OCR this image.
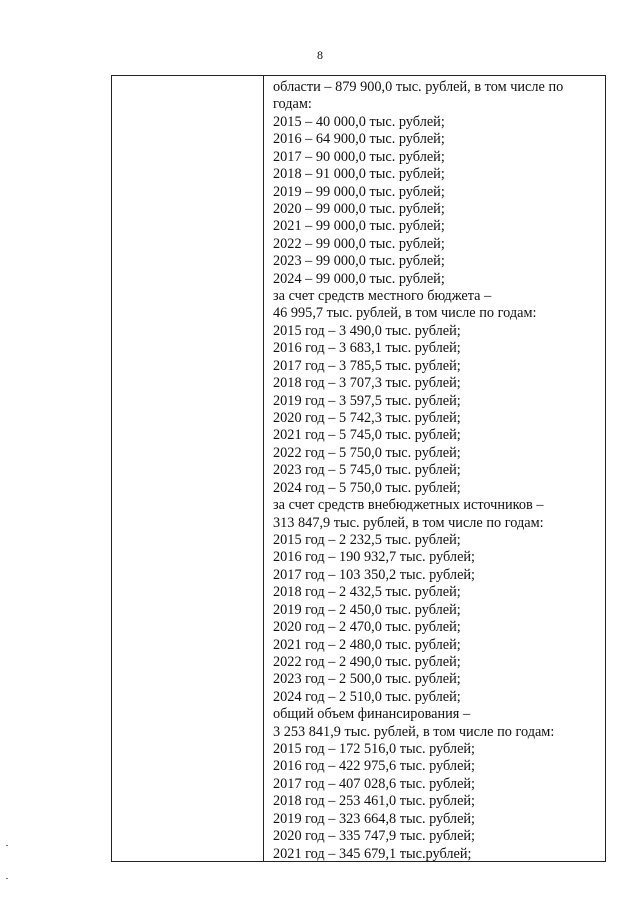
8
области – 879 900,0 тыс. рублей, в том числе по
годам:
2015 – 40 000,0 тыс. рублей;
2016 – 64 900,0 тыс. рублей;
2017 – 90 000,0 тыс. рублей;
2018 – 91 000,0 тыс. рублей;
2019 – 99 000,0 тыс. рублей;
2020 – 99 000,0 тыс. рублей;
2021 – 99 000,0 тыс. рублей;
2022 – 99 000,0 тыс. рублей;
2023 – 99 000,0 тыс. рублей;
2024 – 99 000,0 тыс. рублей;
за счет средств местного бюджета –
46 995,7 тыс. рублей, в том числе по годам:
2015 год – 3 490,0 тыс. рублей;
2016 год – 3 683,1 тыс. рублей;
2017 год – 3 785,5 тыс. рублей;
2018 год – 3 707,3 тыс. рублей;
2019 год – 3 597,5 тыс. рублей;
2020 год – 5 742,3 тыс. рублей;
2021 год – 5 745,0 тыс. рублей;
2022 год – 5 750,0 тыс. рублей;
2023 год – 5 745,0 тыс. рублей;
2024 год – 5 750,0 тыс. рублей;
за счет средств внебюджетных источников –
313 847,9 тыс. рублей, в том числе по годам:
2015 год – 2 232,5 тыс. рублей;
2016 год – 190 932,7 тыс. рублей;
2017 год – 103 350,2 тыс. рублей;
2018 год – 2 432,5 тыс. рублей;
2019 год – 2 450,0 тыс. рублей;
2020 год – 2 470,0 тыс. рублей;
2021 год – 2 480,0 тыс. рублей;
2022 год – 2 490,0 тыс. рублей;
2023 год – 2 500,0 тыс. рублей;
2024 год – 2 510,0 тыс. рублей;
общий объем финансирования –
3 253 841,9 тыс. рублей, в том числе по годам:
2015 год – 172 516,0 тыс. рублей;
2016 год – 422 975,6 тыс. рублей;
2017 год – 407 028,6 тыс. рублей;
2018 год – 253 461,0 тыс. рублей;
2019 год – 323 664,8 тыс. рублей;
2020 год – 335 747,9 тыс. рублей;
2021 год – 345 679,1 тыс.рублей;
